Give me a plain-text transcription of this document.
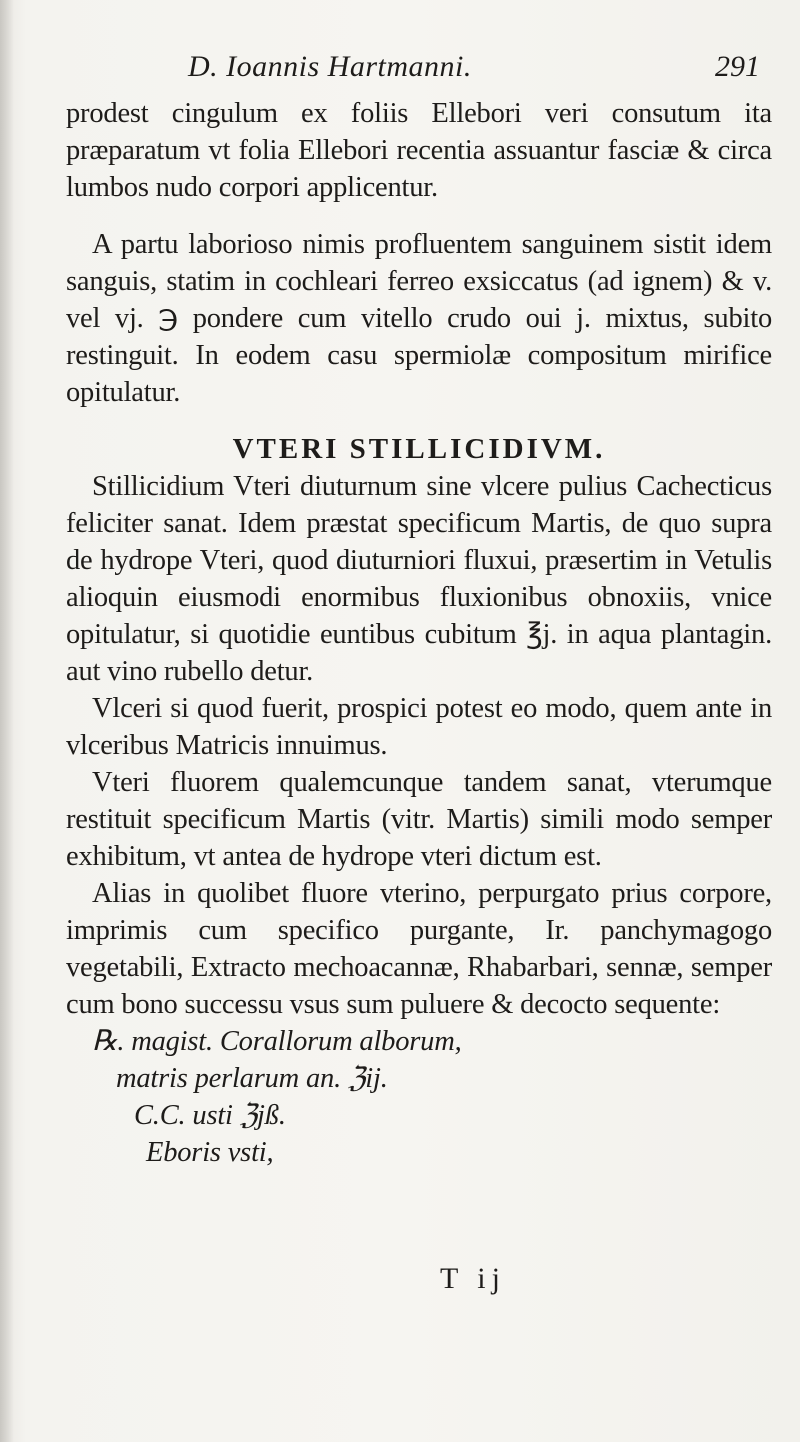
D. Ioannis Hartmanni.	291

prodest cingulum ex foliis Ellebori veri consutum ita præparatum vt folia Ellebori recentia assuantur fasciæ & circa lumbos nudo corpori applicentur.

A partu laborioso nimis profluentem sanguinem sistit idem sanguis, statim in cochleari ferreo exsiccatus (ad ignem) & v. vel vj. ℈ pondere cum vitello crudo oui j. mixtus, subito restinguit. In eodem casu spermiolæ compositum mirifice opitulatur.

VTERI STILLICIDIVM.

Stillicidium Vteri diuturnum sine vlcere pulius Cachecticus feliciter sanat. Idem præstat specificum Martis, de quo supra de hydrope Vteri, quod diuturniori fluxui, præsertim in Vetulis alioquin eiusmodi enormibus fluxionibus obnoxiis, vnice opitulatur, si quotidie euntibus cubitum ℥j. in aqua plantagin. aut vino rubello detur.

Vlceri si quod fuerit, prospici potest eo modo, quem ante in vlceribus Matricis innuimus.

Vteri fluorem qualemcunque tandem sanat, vterumque restituit specificum Martis (vitr. Martis) simili modo semper exhibitum, vt antea de hydrope vteri dictum est.

Alias in quolibet fluore vterino, perpurgato prius corpore, imprimis cum specifico purgante, Ir. panchymagogo vegetabili, Extracto mechoacannæ, Rhabarbari, sennæ, semper cum bono successu vsus sum puluere & decocto sequente:

℞. magist. Corallorum alborum,
matris perlarum an. ℨij.
C.C. usti ℨjß.
Eboris vsti,
T ij
